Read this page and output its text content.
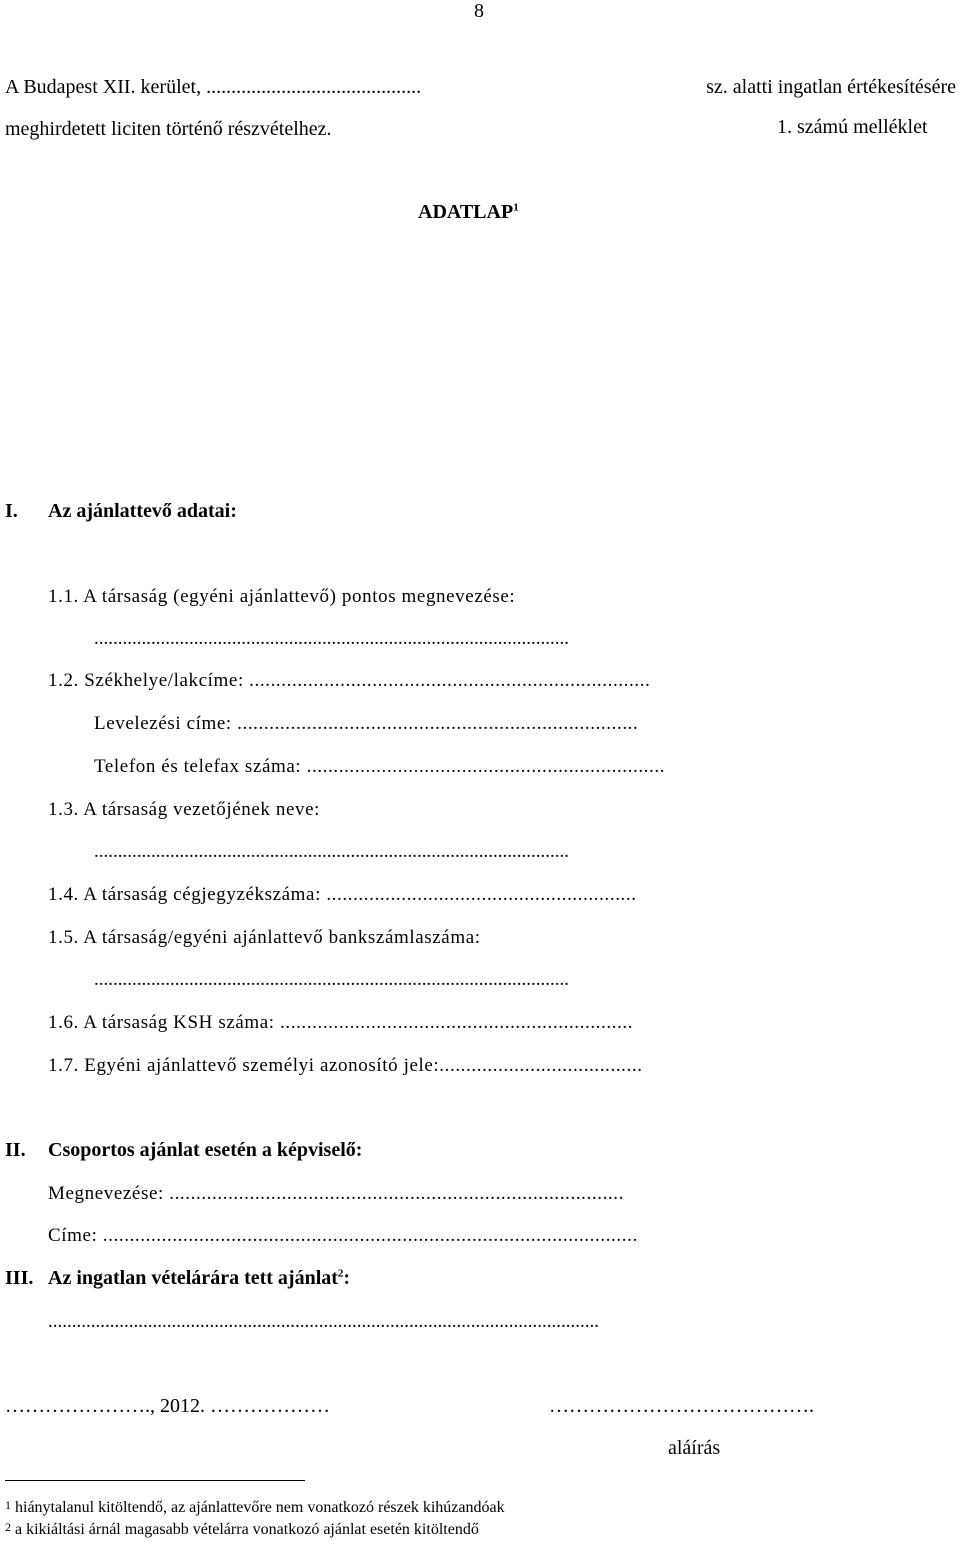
8
1. számú melléklet
ADATLAP$^1$
A Budapest XII. kerület, ...........................................	sz. alatti ingatlan értékesítésére
meghirdetett liciten történő részvételhez.
I. Az ajánlattevő adatai:
1.1. A társaság (egyéni ajánlattevő) pontos megnevezése:
....................................................................................................
1.2. Székhelye/lakcíme: ...........................................................................
Levelezési címe: ...........................................................................
Telefon és telefax száma: ...................................................................
1.3. A társaság vezetőjének neve:
....................................................................................................
1.4. A társaság cégjegyzékszáma: ..........................................................
1.5. A társaság/egyéni ajánlattevő bankszámlaszáma:
....................................................................................................
1.6. A társaság KSH száma: ..................................................................
1.7. Egyéni ajánlattevő személyi azonosító jele:......................................
II. Csoportos ajánlat esetén a képviselő:
Megnevezése: .....................................................................................
Címe: ....................................................................................................
III. Az ingatlan vételárára tett ajánlat$^2$:
....................................................................................................................
…………………., 2012. ………………	………………………………….
aláírás
1 hiánytalanul kitöltendő, az ajánlattevőre nem vonatkozó részek kihúzandóak
2 a kikiáltási árnál magasabb vételárra vonatkozó ajánlat esetén kitöltendő
